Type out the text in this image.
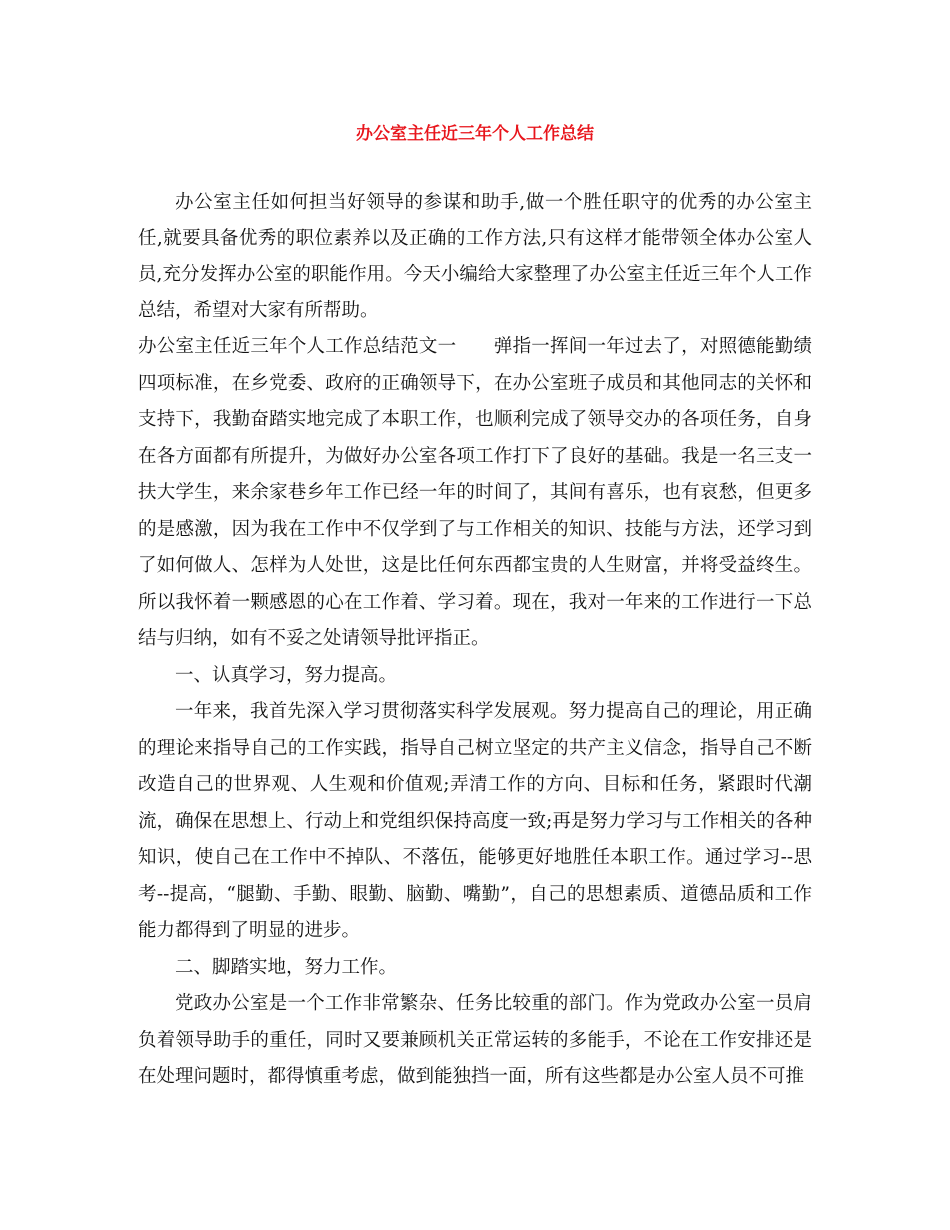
办公室主任近三年个人工作总结

办公室主任如何担当好领导的参谋和助手,做一个胜任职守的优秀的办公室主任,就要具备优秀的职位素养以及正确的工作方法,只有这样才能带领全体办公室人员,充分发挥办公室的职能作用。今天小编给大家整理了办公室主任近三年个人工作总结，希望对大家有所帮助。

办公室主任近三年个人工作总结范文一　　 弹指一挥间一年过去了，对照德能勤绩四项标准，在乡党委、政府的正确领导下，在办公室班子成员和其他同志的关怀和支持下，我勤奋踏实地完成了本职工作，也顺利完成了领导交办的各项任务，自身在各方面都有所提升，为做好办公室各项工作打下了良好的基础。我是一名三支一扶大学生，来余家巷乡年工作已经一年的时间了，其间有喜乐，也有哀愁，但更多的是感激，因为我在工作中不仅学到了与工作相关的知识、技能与方法，还学习到了如何做人、怎样为人处世，这是比任何东西都宝贵的人生财富，并将受益终生。所以我怀着一颗感恩的心在工作着、学习着。现在，我对一年来的工作进行一下总结与归纳，如有不妥之处请领导批评指正。

一、认真学习，努力提高。

一年来，我首先深入学习贯彻落实科学发展观。努力提高自己的理论，用正确的理论来指导自己的工作实践，指导自己树立坚定的共产主义信念，指导自己不断改造自己的世界观、人生观和价值观;弄清工作的方向、目标和任务，紧跟时代潮流，确保在思想上、行动上和党组织保持高度一致;再是努力学习与工作相关的各种知识，使自己在工作中不掉队、不落伍，能够更好地胜任本职工作。通过学习--思考--提高，“腿勤、手勤、眼勤、脑勤、嘴勤”，自己的思想素质、道德品质和工作能力都得到了明显的进步。

二、脚踏实地，努力工作。

党政办公室是一个工作非常繁杂、任务比较重的部门。作为党政办公室一员肩负着领导助手的重任，同时又要兼顾机关正常运转的多能手，不论在工作安排还是在处理问题时，都得慎重考虑，做到能独挡一面，所有这些都是办公室人员不可推
